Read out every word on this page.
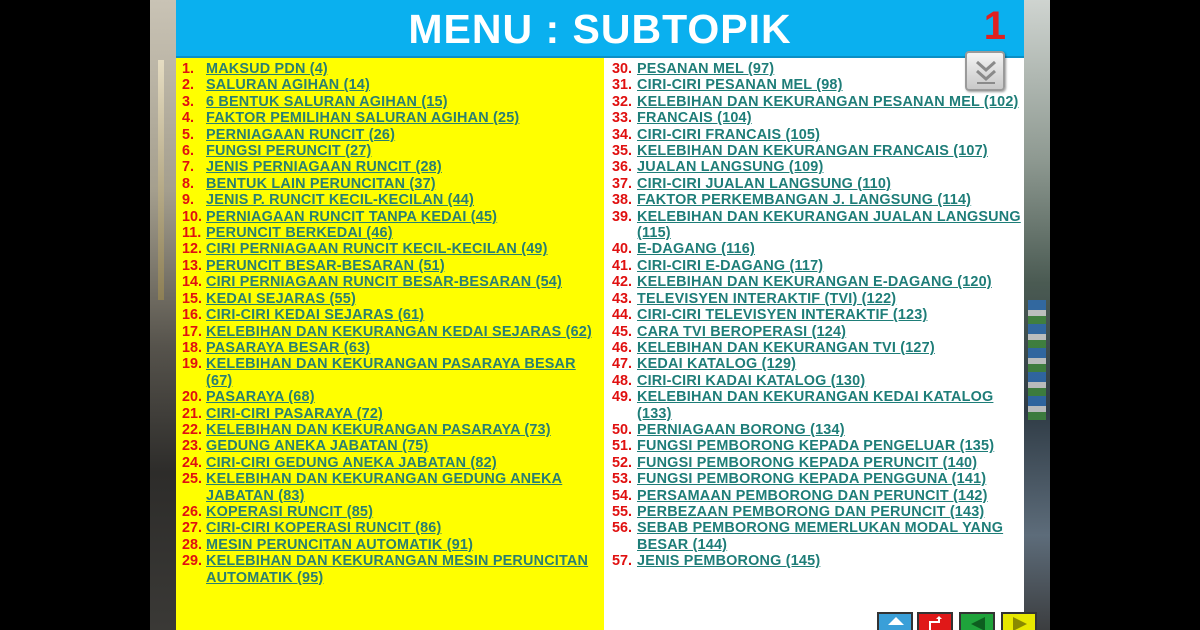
MENU : SUBTOPIK	1
1. MAKSUD PDN (4)
2. SALURAN AGIHAN (14)
3. 6 BENTUK SALURAN AGIHAN (15)
4. FAKTOR PEMILIHAN SALURAN AGIHAN (25)
5. PERNIAGAAN RUNCIT (26)
6. FUNGSI PERUNCIT (27)
7. JENIS PERNIAGAAN RUNCIT (28)
8. BENTUK LAIN PERUNCITAN (37)
9. JENIS P. RUNCIT KECIL-KECILAN (44)
10. PERNIAGAAN RUNCIT TANPA KEDAI (45)
11. PERUNCIT BERKEDAI (46)
12. CIRI PERNIAGAAN RUNCIT KECIL-KECILAN (49)
13. PERUNCIT BESAR-BESARAN (51)
14. CIRI PERNIAGAAN RUNCIT BESAR-BESARAN (54)
15. KEDAI SEJARAS (55)
16. CIRI-CIRI KEDAI SEJARAS (61)
17. KELEBIHAN DAN KEKURANGAN KEDAI SEJARAS (62)
18. PASARAYA BESAR (63)
19. KELEBIHAN DAN KEKURANGAN PASARAYA BESAR (67)
20. PASARAYA (68)
21. CIRI-CIRI PASARAYA (72)
22. KELEBIHAN DAN KEKURANGAN PASARAYA (73)
23. GEDUNG ANEKA JABATAN (75)
24. CIRI-CIRI GEDUNG ANEKA JABATAN (82)
25. KELEBIHAN DAN KEKURANGAN GEDUNG ANEKA JABATAN (83)
26. KOPERASI RUNCIT (85)
27. CIRI-CIRI KOPERASI RUNCIT (86)
28. MESIN PERUNCITAN AUTOMATIK (91)
29. KELEBIHAN DAN KEKURANGAN MESIN PERUNCITAN AUTOMATIK (95)
30. PESANAN MEL (97)
31. CIRI-CIRI PESANAN MEL (98)
32. KELEBIHAN DAN KEKURANGAN PESANAN MEL (102)
33. FRANCAIS (104)
34. CIRI-CIRI FRANCAIS (105)
35. KELEBIHAN DAN KEKURANGAN FRANCAIS (107)
36. JUALAN LANGSUNG (109)
37. CIRI-CIRI JUALAN LANGSUNG (110)
38. FAKTOR PERKEMBANGAN J. LANGSUNG (114)
39. KELEBIHAN DAN KEKURANGAN JUALAN LANGSUNG (115)
40. E-DAGANG (116)
41. CIRI-CIRI E-DAGANG (117)
42. KELEBIHAN DAN KEKURANGAN E-DAGANG (120)
43. TELEVISYEN INTERAKTIF (TVI) (122)
44. CIRI-CIRI TELEVISYEN INTERAKTIF (123)
45. CARA TVI BEROPERASI (124)
46. KELEBIHAN DAN KEKURANGAN TVI (127)
47. KEDAI KATALOG (129)
48. CIRI-CIRI KADAI KATALOG (130)
49. KELEBIHAN DAN KEKURANGAN KEDAI KATALOG (133)
50. PERNIAGAAN BORONG (134)
51. FUNGSI PEMBORONG KEPADA PENGELUAR (135)
52. FUNGSI PEMBORONG KEPADA PERUNCIT (140)
53. FUNGSI PEMBORONG KEPADA PENGGUNA (141)
54. PERSAMAAN PEMBORONG DAN PERUNCIT (142)
55. PERBEZAAN PEMBORONG DAN PERUNCIT (143)
56. SEBAB PEMBORONG MEMERLUKAN MODAL YANG BESAR (144)
57. JENIS PEMBORONG (145)
